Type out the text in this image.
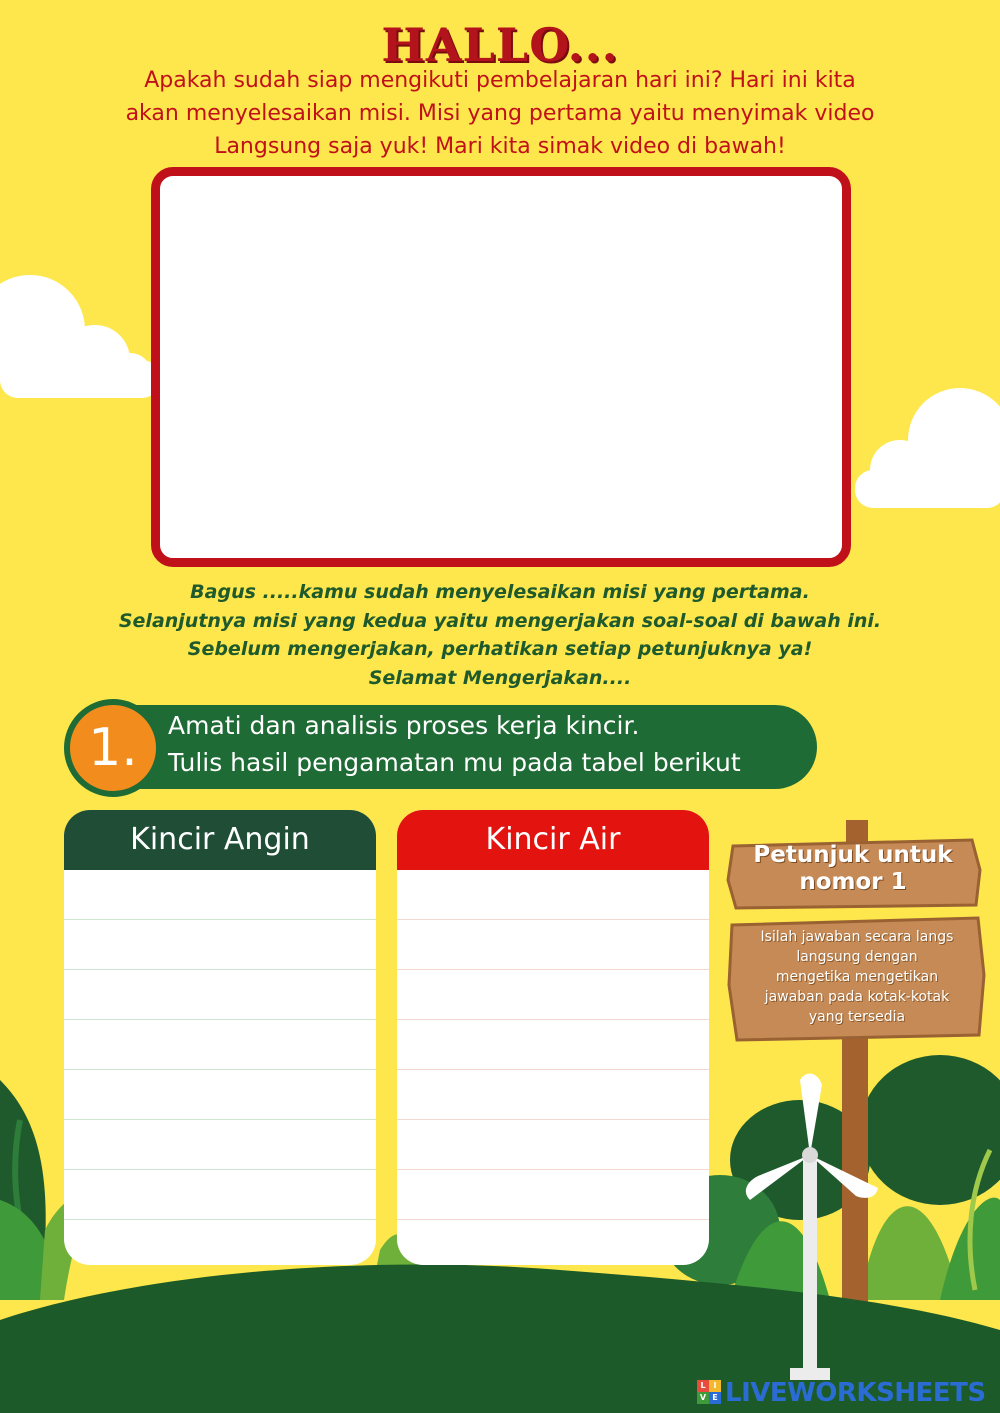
HALLO...
Apakah sudah siap mengikuti pembelajaran hari ini? Hari ini kita
akan menyelesaikan misi. Misi yang pertama yaitu menyimak video
Langsung saja yuk! Mari kita simak video di bawah!
Bagus .....kamu sudah menyelesaikan misi yang pertama.
Selanjutnya misi yang kedua yaitu mengerjakan soal-soal di bawah ini.
Sebelum mengerjakan, perhatikan setiap petunjuknya ya!
Selamat Mengerjakan....
1.	Amati dan analisis proses kerja kincir.
Tulis hasil pengamatan mu pada tabel berikut
Kincir Angin	Kincir Air	Petunjuk untuk
nomor 1
Isilah jawaban secara langs
langsung dengan
mengetika mengetikan
jawaban pada kotak-kotak
yang tersedia
L I
V E LIVEWORKSHEETS
